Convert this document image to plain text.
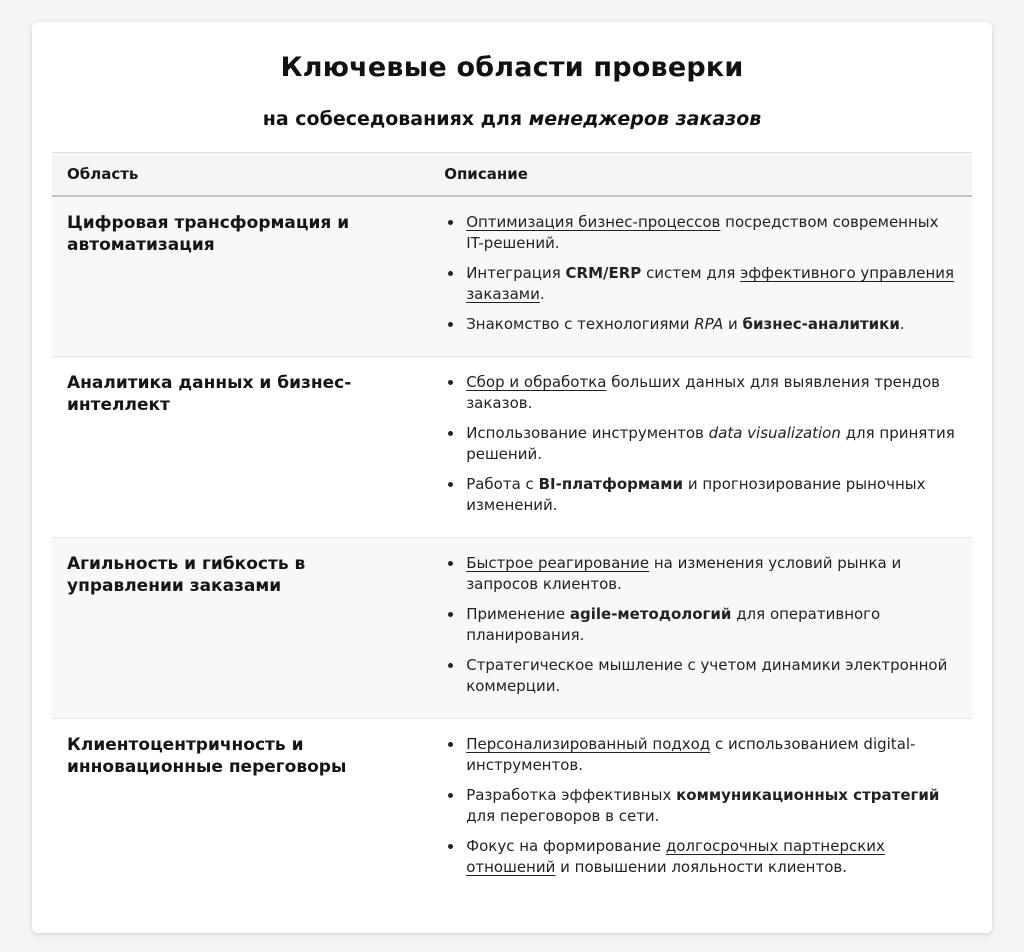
Ключевые области проверки
на собеседованиях для менеджеров заказов
Область	Описание
Цифровая трансформация и автоматизация	
• Оптимизация бизнес-процессов посредством современных IT-решений.
• Интеграция CRM/ERP систем для эффективного управления заказами.
• Знакомство с технологиями RPA и бизнес-аналитики.

Аналитика данных и бизнес-интеллект	
• Сбор и обработка больших данных для выявления трендов заказов.
• Использование инструментов data visualization для принятия решений.
• Работа с BI-платформами и прогнозирование рыночных изменений.

Агильность и гибкость в управлении заказами	
• Быстрое реагирование на изменения условий рынка и запросов клиентов.
• Применение agile-методологий для оперативного планирования.
• Стратегическое мышление с учетом динамики электронной коммерции.

Клиентоцентричность и инновационные переговоры	
• Персонализированный подход с использованием digital-инструментов.
• Разработка эффективных коммуникационных стратегий для переговоров в сети.
• Фокус на формирование долгосрочных партнерских отношений и повышении лояльности клиентов.
